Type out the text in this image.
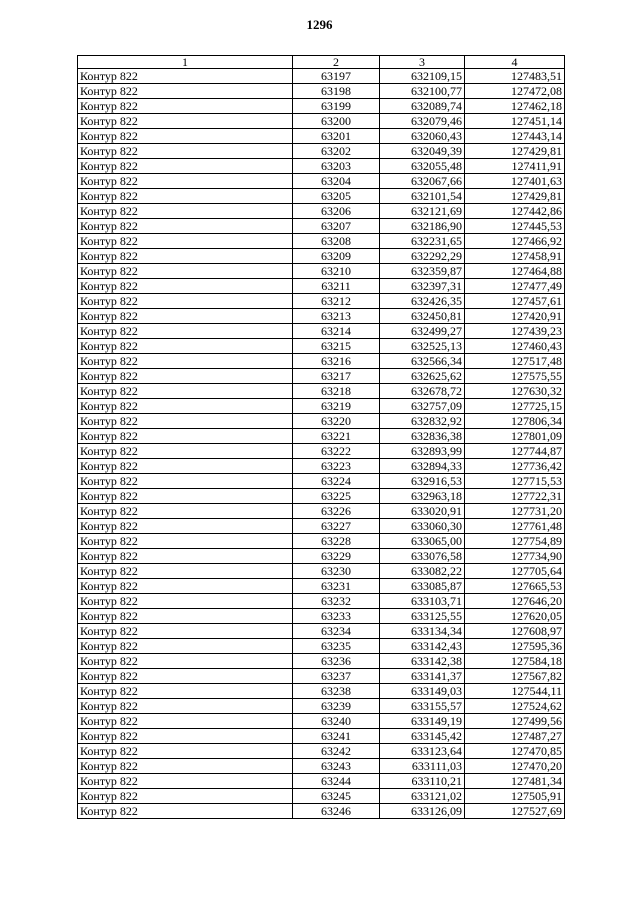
1296
1	2	3	4
Контур 822	63197	632109,15	127483,51
Контур 822	63198	632100,77	127472,08
Контур 822	63199	632089,74	127462,18
Контур 822	63200	632079,46	127451,14
Контур 822	63201	632060,43	127443,14
Контур 822	63202	632049,39	127429,81
Контур 822	63203	632055,48	127411,91
Контур 822	63204	632067,66	127401,63
Контур 822	63205	632101,54	127429,81
Контур 822	63206	632121,69	127442,86
Контур 822	63207	632186,90	127445,53
Контур 822	63208	632231,65	127466,92
Контур 822	63209	632292,29	127458,91
Контур 822	63210	632359,87	127464,88
Контур 822	63211	632397,31	127477,49
Контур 822	63212	632426,35	127457,61
Контур 822	63213	632450,81	127420,91
Контур 822	63214	632499,27	127439,23
Контур 822	63215	632525,13	127460,43
Контур 822	63216	632566,34	127517,48
Контур 822	63217	632625,62	127575,55
Контур 822	63218	632678,72	127630,32
Контур 822	63219	632757,09	127725,15
Контур 822	63220	632832,92	127806,34
Контур 822	63221	632836,38	127801,09
Контур 822	63222	632893,99	127744,87
Контур 822	63223	632894,33	127736,42
Контур 822	63224	632916,53	127715,53
Контур 822	63225	632963,18	127722,31
Контур 822	63226	633020,91	127731,20
Контур 822	63227	633060,30	127761,48
Контур 822	63228	633065,00	127754,89
Контур 822	63229	633076,58	127734,90
Контур 822	63230	633082,22	127705,64
Контур 822	63231	633085,87	127665,53
Контур 822	63232	633103,71	127646,20
Контур 822	63233	633125,55	127620,05
Контур 822	63234	633134,34	127608,97
Контур 822	63235	633142,43	127595,36
Контур 822	63236	633142,38	127584,18
Контур 822	63237	633141,37	127567,82
Контур 822	63238	633149,03	127544,11
Контур 822	63239	633155,57	127524,62
Контур 822	63240	633149,19	127499,56
Контур 822	63241	633145,42	127487,27
Контур 822	63242	633123,64	127470,85
Контур 822	63243	633111,03	127470,20
Контур 822	63244	633110,21	127481,34
Контур 822	63245	633121,02	127505,91
Контур 822	63246	633126,09	127527,69
